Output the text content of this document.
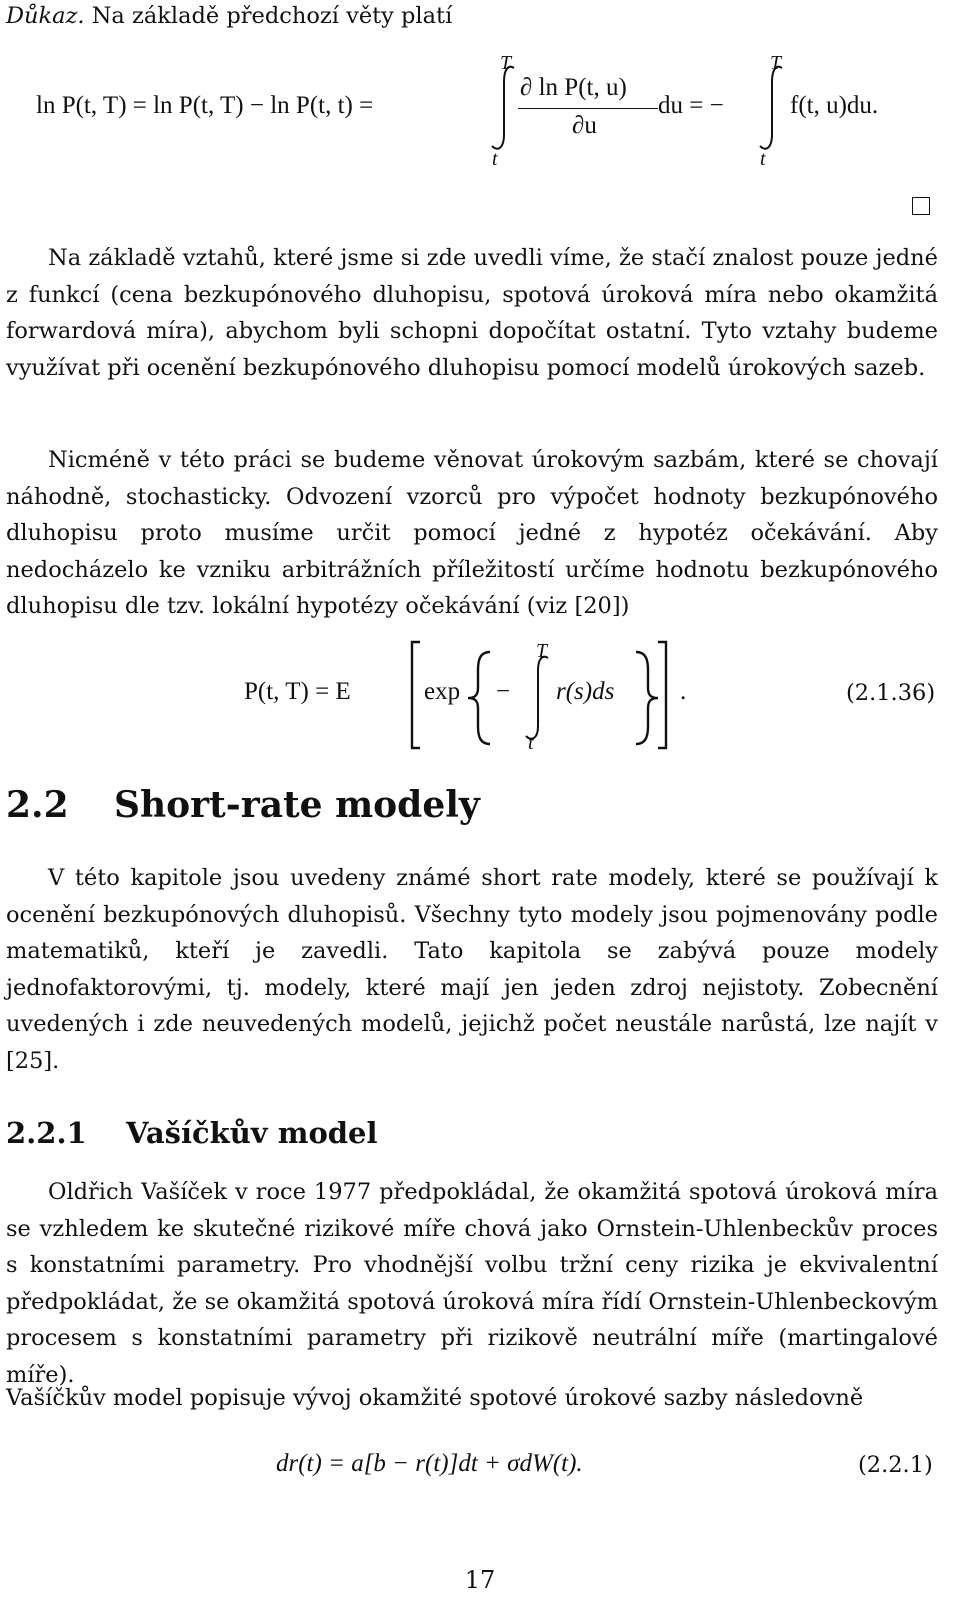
Důkaz. Na základě předchozí věty platí
ln P(t, T) = ln P(t, T) − ln P(t, t) =
T
t
∂ ln P(t, u)
∂u
du = −
T
t
f(t, u)du.

Na základě vztahů, které jsme si zde uvedli víme, že stačí znalost pouze jedné z funkcí (cena bezkupónového dluhopisu, spotová úroková míra nebo okamžitá forwardová míra), abychom byli schopni dopočítat ostatní. Tyto vztahy budeme využívat při ocenění bezkupónového dluhopisu pomocí modelů úrokových sazeb.

Nicméně v této práci se budeme věnovat úrokovým sazbám, které se chovají náhodně, stochasticky. Odvození vzorců pro výpočet hodnoty bezkupónového dluhopisu proto musíme určit pomocí jedné z hypotéz očekávání. Aby nedocházelo ke vzniku arbitrážních příležitostí určíme hodnotu bezkupónového dluhopisu dle tzv. lokální hypotézy očekávání (viz [20])

P(t, T) = E	exp −
T
t
r(s)ds	.	(2.1.36)
2.2 Short-rate modely

V této kapitole jsou uvedeny známé short rate modely, které se používají k ocenění bezkupónových dluhopisů. Všechny tyto modely jsou pojmenovány podle matematiků, kteří je zavedli. Tato kapitola se zabývá pouze modely jednofaktorovými, tj. modely, které mají jen jeden zdroj nejistoty. Zobecnění uvedených i zde neuvedených modelů, jejichž počet neustále narůstá, lze najít v [25].

2.2.1 Vašíčkův model

Oldřich Vašíček v roce 1977 předpokládal, že okamžitá spotová úroková míra se vzhledem ke skutečné rizikové míře chová jako Ornstein-Uhlenbeckův proces s konstatními parametry. Pro vhodnější volbu tržní ceny rizika je ekvivalentní předpokládat, že se okamžitá spotová úroková míra řídí Ornstein-Uhlenbeckovým procesem s konstatními parametry při rizikově neutrální míře (martingalové míře).

Vašíčkův model popisuje vývoj okamžité spotové úrokové sazby následovně

dr(t) = a[b − r(t)]dt + σdW(t).	(2.2.1)
17
